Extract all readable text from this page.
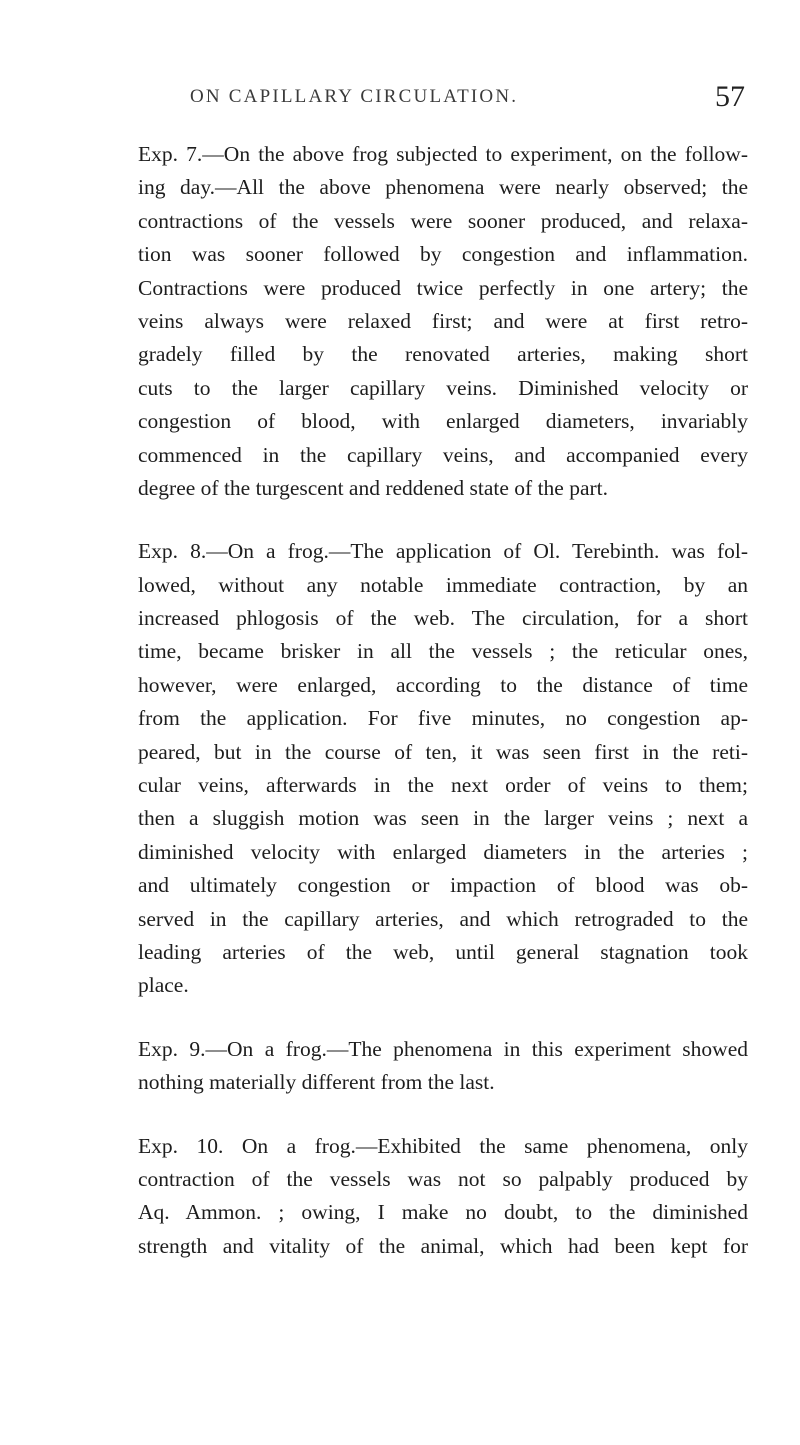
ON CAPILLARY CIRCULATION.	57
Exp. 7.—On the above frog subjected to experiment, on the follow-
ing day.—All the above phenomena were nearly observed; the
contractions of the vessels were sooner produced, and relaxa-
tion was sooner followed by congestion and inflammation.
Contractions were produced twice perfectly in one artery; the
veins always were relaxed first; and were at first retro-
gradely filled by the renovated arteries, making short
cuts to the larger capillary veins. Diminished velocity or
congestion of blood, with enlarged diameters, invariably
commenced in the capillary veins, and accompanied every
degree of the turgescent and reddened state of the part.
Exp. 8.—On a frog.—The application of Ol. Terebinth. was fol-
lowed, without any notable immediate contraction, by an
increased phlogosis of the web. The circulation, for a short
time, became brisker in all the vessels ; the reticular ones,
however, were enlarged, according to the distance of time
from the application. For five minutes, no congestion ap-
peared, but in the course of ten, it was seen first in the reti-
cular veins, afterwards in the next order of veins to them;
then a sluggish motion was seen in the larger veins ; next a
diminished velocity with enlarged diameters in the arteries ;
and ultimately congestion or impaction of blood was ob-
served in the capillary arteries, and which retrograded to the
leading arteries of the web, until general stagnation took
place.
Exp. 9.—On a frog.—The phenomena in this experiment showed
nothing materially different from the last.
Exp. 10. On a frog.—Exhibited the same phenomena, only
contraction of the vessels was not so palpably produced by
Aq. Ammon. ; owing, I make no doubt, to the diminished
strength and vitality of the animal, which had been kept for
